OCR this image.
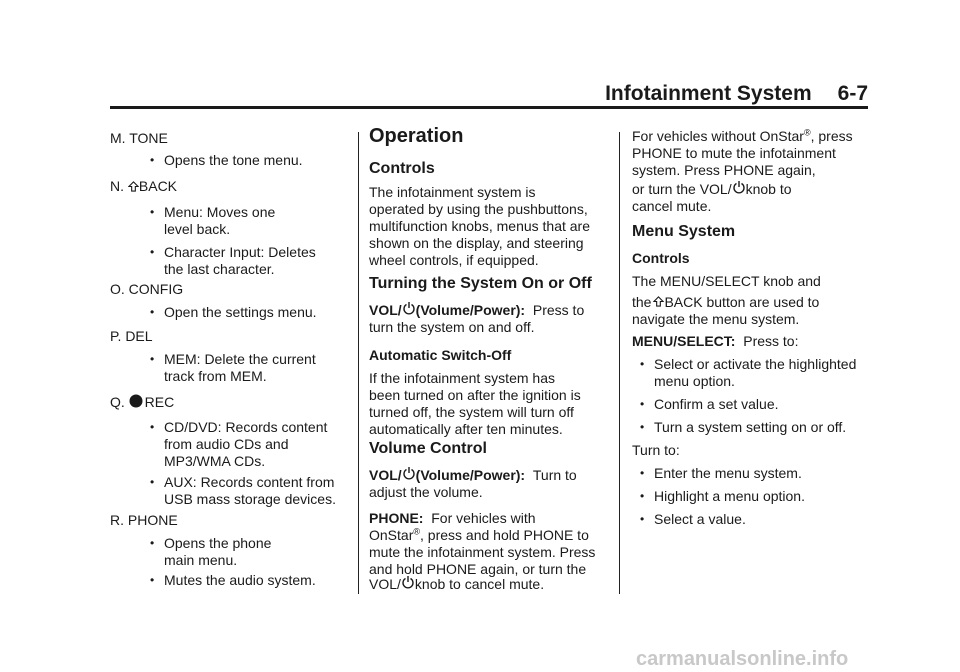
Infotainment System 6-7
M. TONE
• Opens the tone menu.
N. BACK
• Menu: Moves one
level back.
• Character Input: Deletes
the last character.
O. CONFIG
• Open the settings menu.
P. DEL
• MEM: Delete the current
track from MEM.
Q. REC
• CD/DVD: Records content
from audio CDs and
MP3/WMA CDs.
• AUX: Records content from
USB mass storage devices.
R. PHONE
• Opens the phone
main menu.
• Mutes the audio system.
Operation
Controls
The infotainment system is
operated by using the pushbuttons,
multifunction knobs, menus that are
shown on the display, and steering
wheel controls, if equipped.
Turning the System On or Off
VOL/ (Volume/Power): Press to
turn the system on and off.
Automatic Switch-Off
If the infotainment system has
been turned on after the ignition is
turned off, the system will turn off
automatically after ten minutes.
Volume Control
VOL/ (Volume/Power): Turn to
adjust the volume.
PHONE: For vehicles with
OnStar®, press and hold PHONE to
mute the infotainment system. Press
and hold PHONE again, or turn the
VOL/ knob to cancel mute.
For vehicles without OnStar®, press
PHONE to mute the infotainment
system. Press PHONE again,
or turn the VOL/ knob to
cancel mute.
Menu System
Controls
The MENU/SELECT knob and
the BACK button are used to
navigate the menu system.
MENU/SELECT: Press to:
• Select or activate the highlighted
menu option.
• Confirm a set value.
• Turn a system setting on or off.
Turn to:
• Enter the menu system.
• Highlight a menu option.
• Select a value.
carmanualsonline.info
